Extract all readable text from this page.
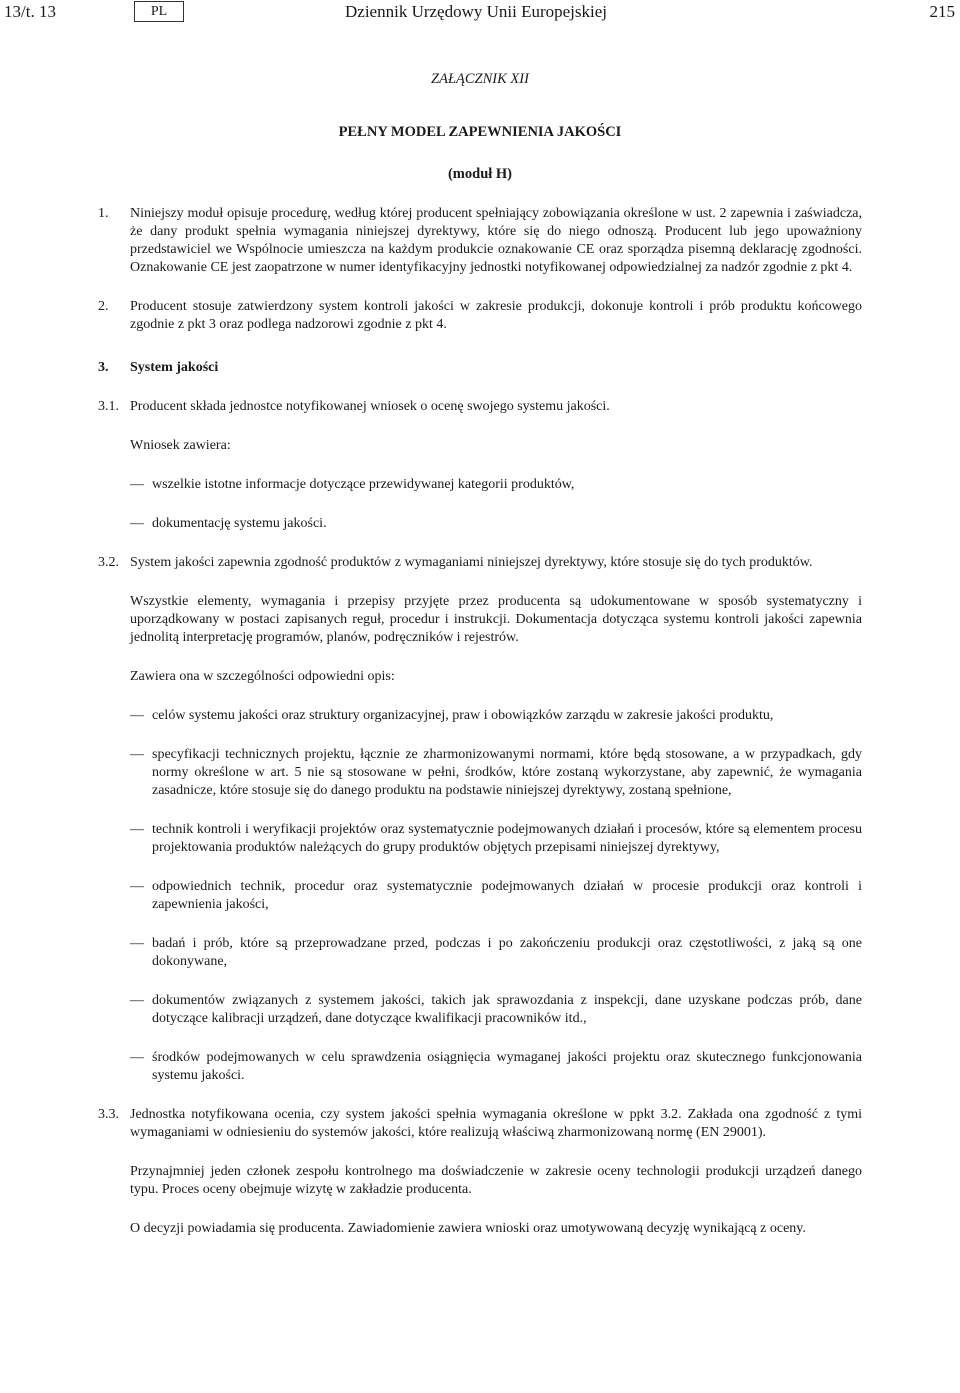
13/t. 13	PL	Dziennik Urzędowy Unii Europejskiej	215
ZAŁĄCZNIK XII
PEŁNY MODEL ZAPEWNIENIA JAKOŚCI
(moduł H)
1.	Niniejszy moduł opisuje procedurę, według której producent spełniający zobowiązania określone w ust. 2 zapewnia i zaświadcza, że dany produkt spełnia wymagania niniejszej dyrektywy, które się do niego odnoszą. Producent lub jego upoważniony przedstawiciel we Wspólnocie umieszcza na każdym produkcie oznakowanie CE oraz sporządza pisemną deklarację zgodności. Oznakowanie CE jest zaopatrzone w numer identyfikacyjny jednostki notyfikowanej odpowiedzialnej za nadzór zgodnie z pkt 4.
2.	Producent stosuje zatwierdzony system kontroli jakości w zakresie produkcji, dokonuje kontroli i prób produktu końcowego zgodnie z pkt 3 oraz podlega nadzorowi zgodnie z pkt 4.
3.	System jakości
3.1. Producent składa jednostce notyfikowanej wniosek o ocenę swojego systemu jakości.

Wniosek zawiera:

— wszelkie istotne informacje dotyczące przewidywanej kategorii produktów,
— dokumentację systemu jakości.
3.2. System jakości zapewnia zgodność produktów z wymaganiami niniejszej dyrektywy, które stosuje się do tych produktów.

Wszystkie elementy, wymagania i przepisy przyjęte przez producenta są udokumentowane w sposób systematyczny i uporządkowany w postaci zapisanych reguł, procedur i instrukcji. Dokumentacja dotycząca systemu kontroli jakości zapewnia jednolitą interpretację programów, planów, podręczników i rejestrów.

Zawiera ona w szczególności odpowiedni opis:

— celów systemu jakości oraz struktury organizacyjnej, praw i obowiązków zarządu w zakresie jakości produktu,
— specyfikacji technicznych projektu, łącznie ze zharmonizowanymi normami, które będą stosowane, a w przypadkach, gdy normy określone w art. 5 nie są stosowane w pełni, środków, które zostaną wykorzystane, aby zapewnić, że wymagania zasadnicze, które stosuje się do danego produktu na podstawie niniejszej dyrektywy, zostaną spełnione,
— technik kontroli i weryfikacji projektów oraz systematycznie podejmowanych działań i procesów, które są elementem procesu projektowania produktów należących do grupy produktów objętych przepisami niniejszej dyrektywy,
— odpowiednich technik, procedur oraz systematycznie podejmowanych działań w procesie produkcji oraz kontroli i zapewnienia jakości,
— badań i prób, które są przeprowadzane przed, podczas i po zakończeniu produkcji oraz częstotliwości, z jaką są one dokonywane,
— dokumentów związanych z systemem jakości, takich jak sprawozdania z inspekcji, dane uzyskane podczas prób, dane dotyczące kalibracji urządzeń, dane dotyczące kwalifikacji pracowników itd.,
— środków podejmowanych w celu sprawdzenia osiągnięcia wymaganej jakości projektu oraz skutecznego funkcjonowania systemu jakości.
3.3. Jednostka notyfikowana ocenia, czy system jakości spełnia wymagania określone w ppkt 3.2. Zakłada ona zgodność z tymi wymaganiami w odniesieniu do systemów jakości, które realizują właściwą zharmonizowaną normę (EN 29001).

Przynajmniej jeden członek zespołu kontrolnego ma doświadczenie w zakresie oceny technologii produkcji urządzeń danego typu. Proces oceny obejmuje wizytę w zakładzie producenta.

O decyzji powiadamia się producenta. Zawiadomienie zawiera wnioski oraz umotywowaną decyzję wynikającą z oceny.
